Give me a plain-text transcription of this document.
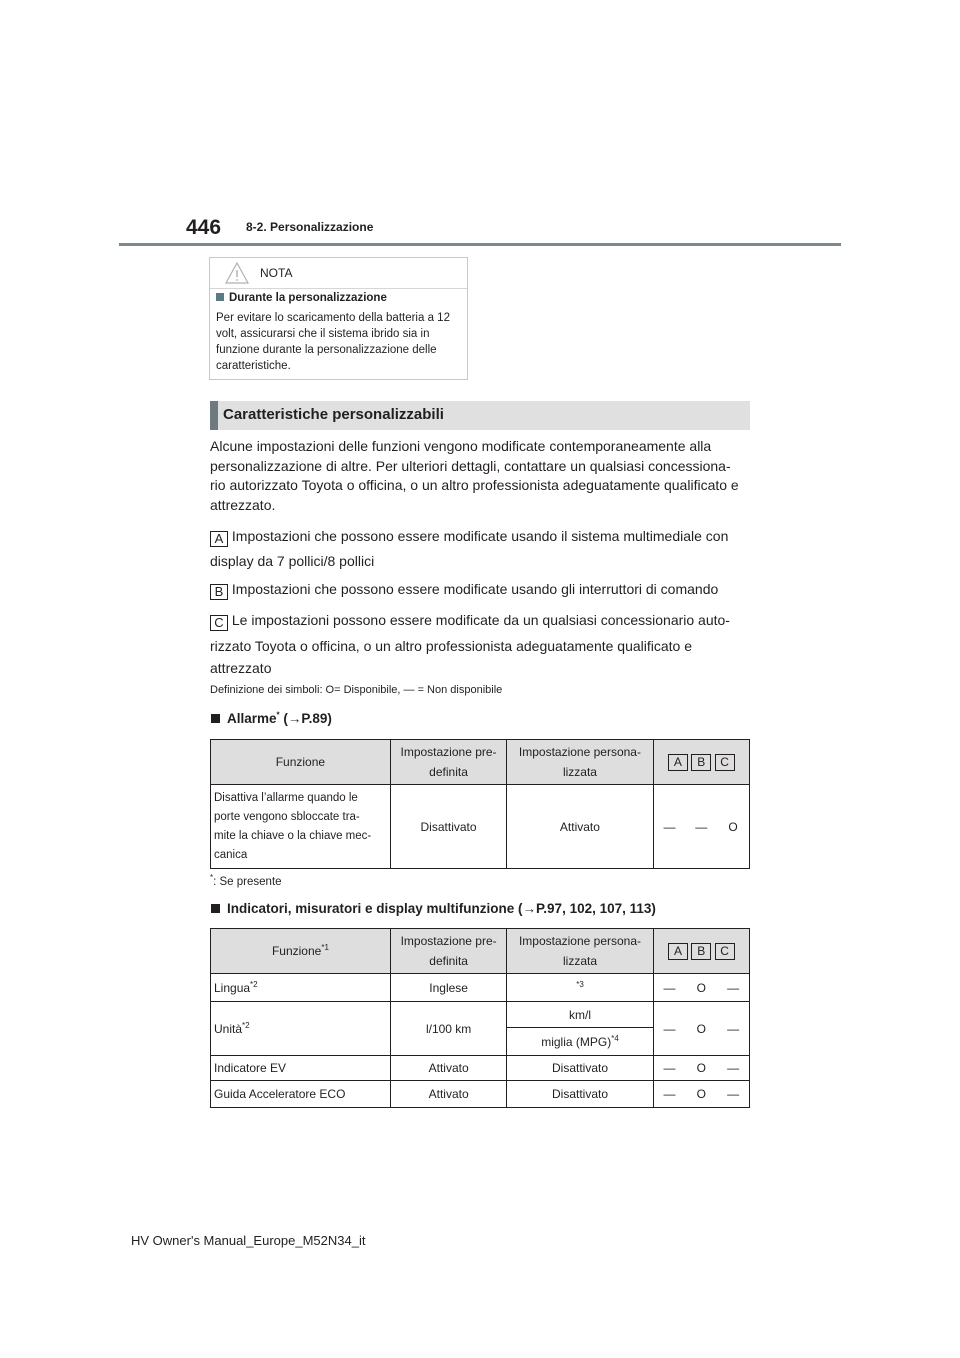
446 8-2. Personalizzazione
NOTA
Durante la personalizzazione
Per evitare lo scaricamento della batteria a 12 volt, assicurarsi che il sistema ibrido sia in funzione durante la personalizzazione delle caratteristiche.
Caratteristiche personalizzabili
Alcune impostazioni delle funzioni vengono modificate contemporaneamente alla personalizzazione di altre. Per ulteriori dettagli, contattare un qualsiasi concessiona- rio autorizzato Toyota o officina, o un altro professionista adeguatamente qualificato e attrezzato.
A Impostazioni che possono essere modificate usando il sistema multimediale con
display da 7 pollici/8 pollici
B Impostazioni che possono essere modificate usando gli interruttori di comando
C Le impostazioni possono essere modificate da un qualsiasi concessionario auto-
rizzato Toyota o officina, o un altro professionista adeguatamente qualificato e
attrezzato
Definizione dei simboli: O= Disponibile, — = Non disponibile
Allarme* (→P.89)
Funzione	Impostazione pre-
definita	Impostazione persona-
lizzata	A B C		
Disattiva l’allarme quando le
porte vengono sbloccate tra-
mite la chiave o la chiave mec-
canica	Disattivato	Attivato	—	—	O
*: Se presente
Indicatori, misuratori e display multifunzione (→P.97, 102, 107, 113)
Funzione$^{*1}$	Impostazione pre-
definita	Impostazione persona-
lizzata	A B C		
Lingua$^{*2}$	Inglese	$^{*3}$	—	O	—
Unità$^{*2}$	l/100 km	km/l	—	O	—
		miglia (MPG)$^{*4}$
Indicatore EV	Attivato	Disattivato	—	O	—
Guida Acceleratore ECO	Attivato	Disattivato	—	O	—
HV Owner's Manual_Europe_M52N34_it
